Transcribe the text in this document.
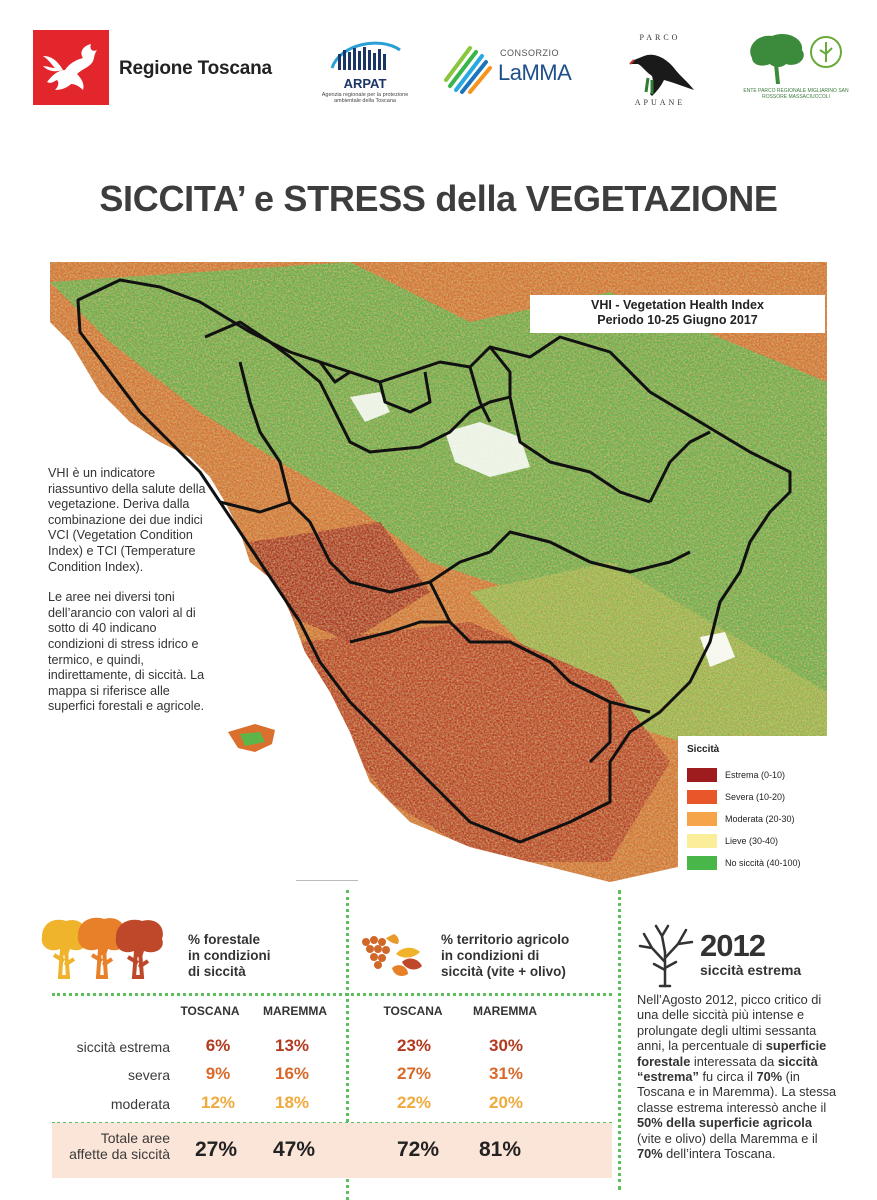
Regione Toscana
ARPAT
Agenzia regionale per la protezione ambientale della Toscana
CONSORZIO
LaMMA
PARCO
APUANE
ENTE PARCO REGIONALE MIGLIARINO SAN ROSSORE MASSACIUCCOLI
SICCITA’ e STRESS della VEGETAZIONE
VHI - Vegetation Health Index
Periodo 10-25 Giugno 2017

VHI è un indicatore riassuntivo della salute della vegetazione. Deriva dalla combinazione dei due indici VCI (Vegetation Condition Index) e TCI (Temperature Condition Index).

Le aree nei diversi toni dell’arancio con valori al di sotto di 40 indicano condizioni di stress idrico e termico, e quindi, indirettamente, di siccità. La mappa si riferisce alle superfici forestali e agricole.

Siccità
Estrema (0-10)
Severa (10-20)
Moderata (20-30)
Lieve (30-40)
No siccità (40-100)
% forestale
in condizioni
di siccità
% territorio agricolo
in condizioni di
siccità (vite + olivo)
TOSCANA	MAREMMA	TOSCANA	MAREMMA
siccità estrema	6%	13%	23%	30%
severa	9%	16%	27%	31%
moderata	12%	18%	22%	20%
Totale aree
affette da siccità	27%	47%	72%	81%
2012
siccità estrema
Nell’Agosto 2012, picco critico di una delle siccità più intense e prolungate degli ultimi sessanta anni, la percentuale di superficie forestale interessata da siccità “estrema” fu circa il 70% (in Toscana e in Maremma). La stessa classe estrema interessò anche il 50% della superficie agricola (vite e olivo) della Maremma e il 70% dell’intera Toscana.
